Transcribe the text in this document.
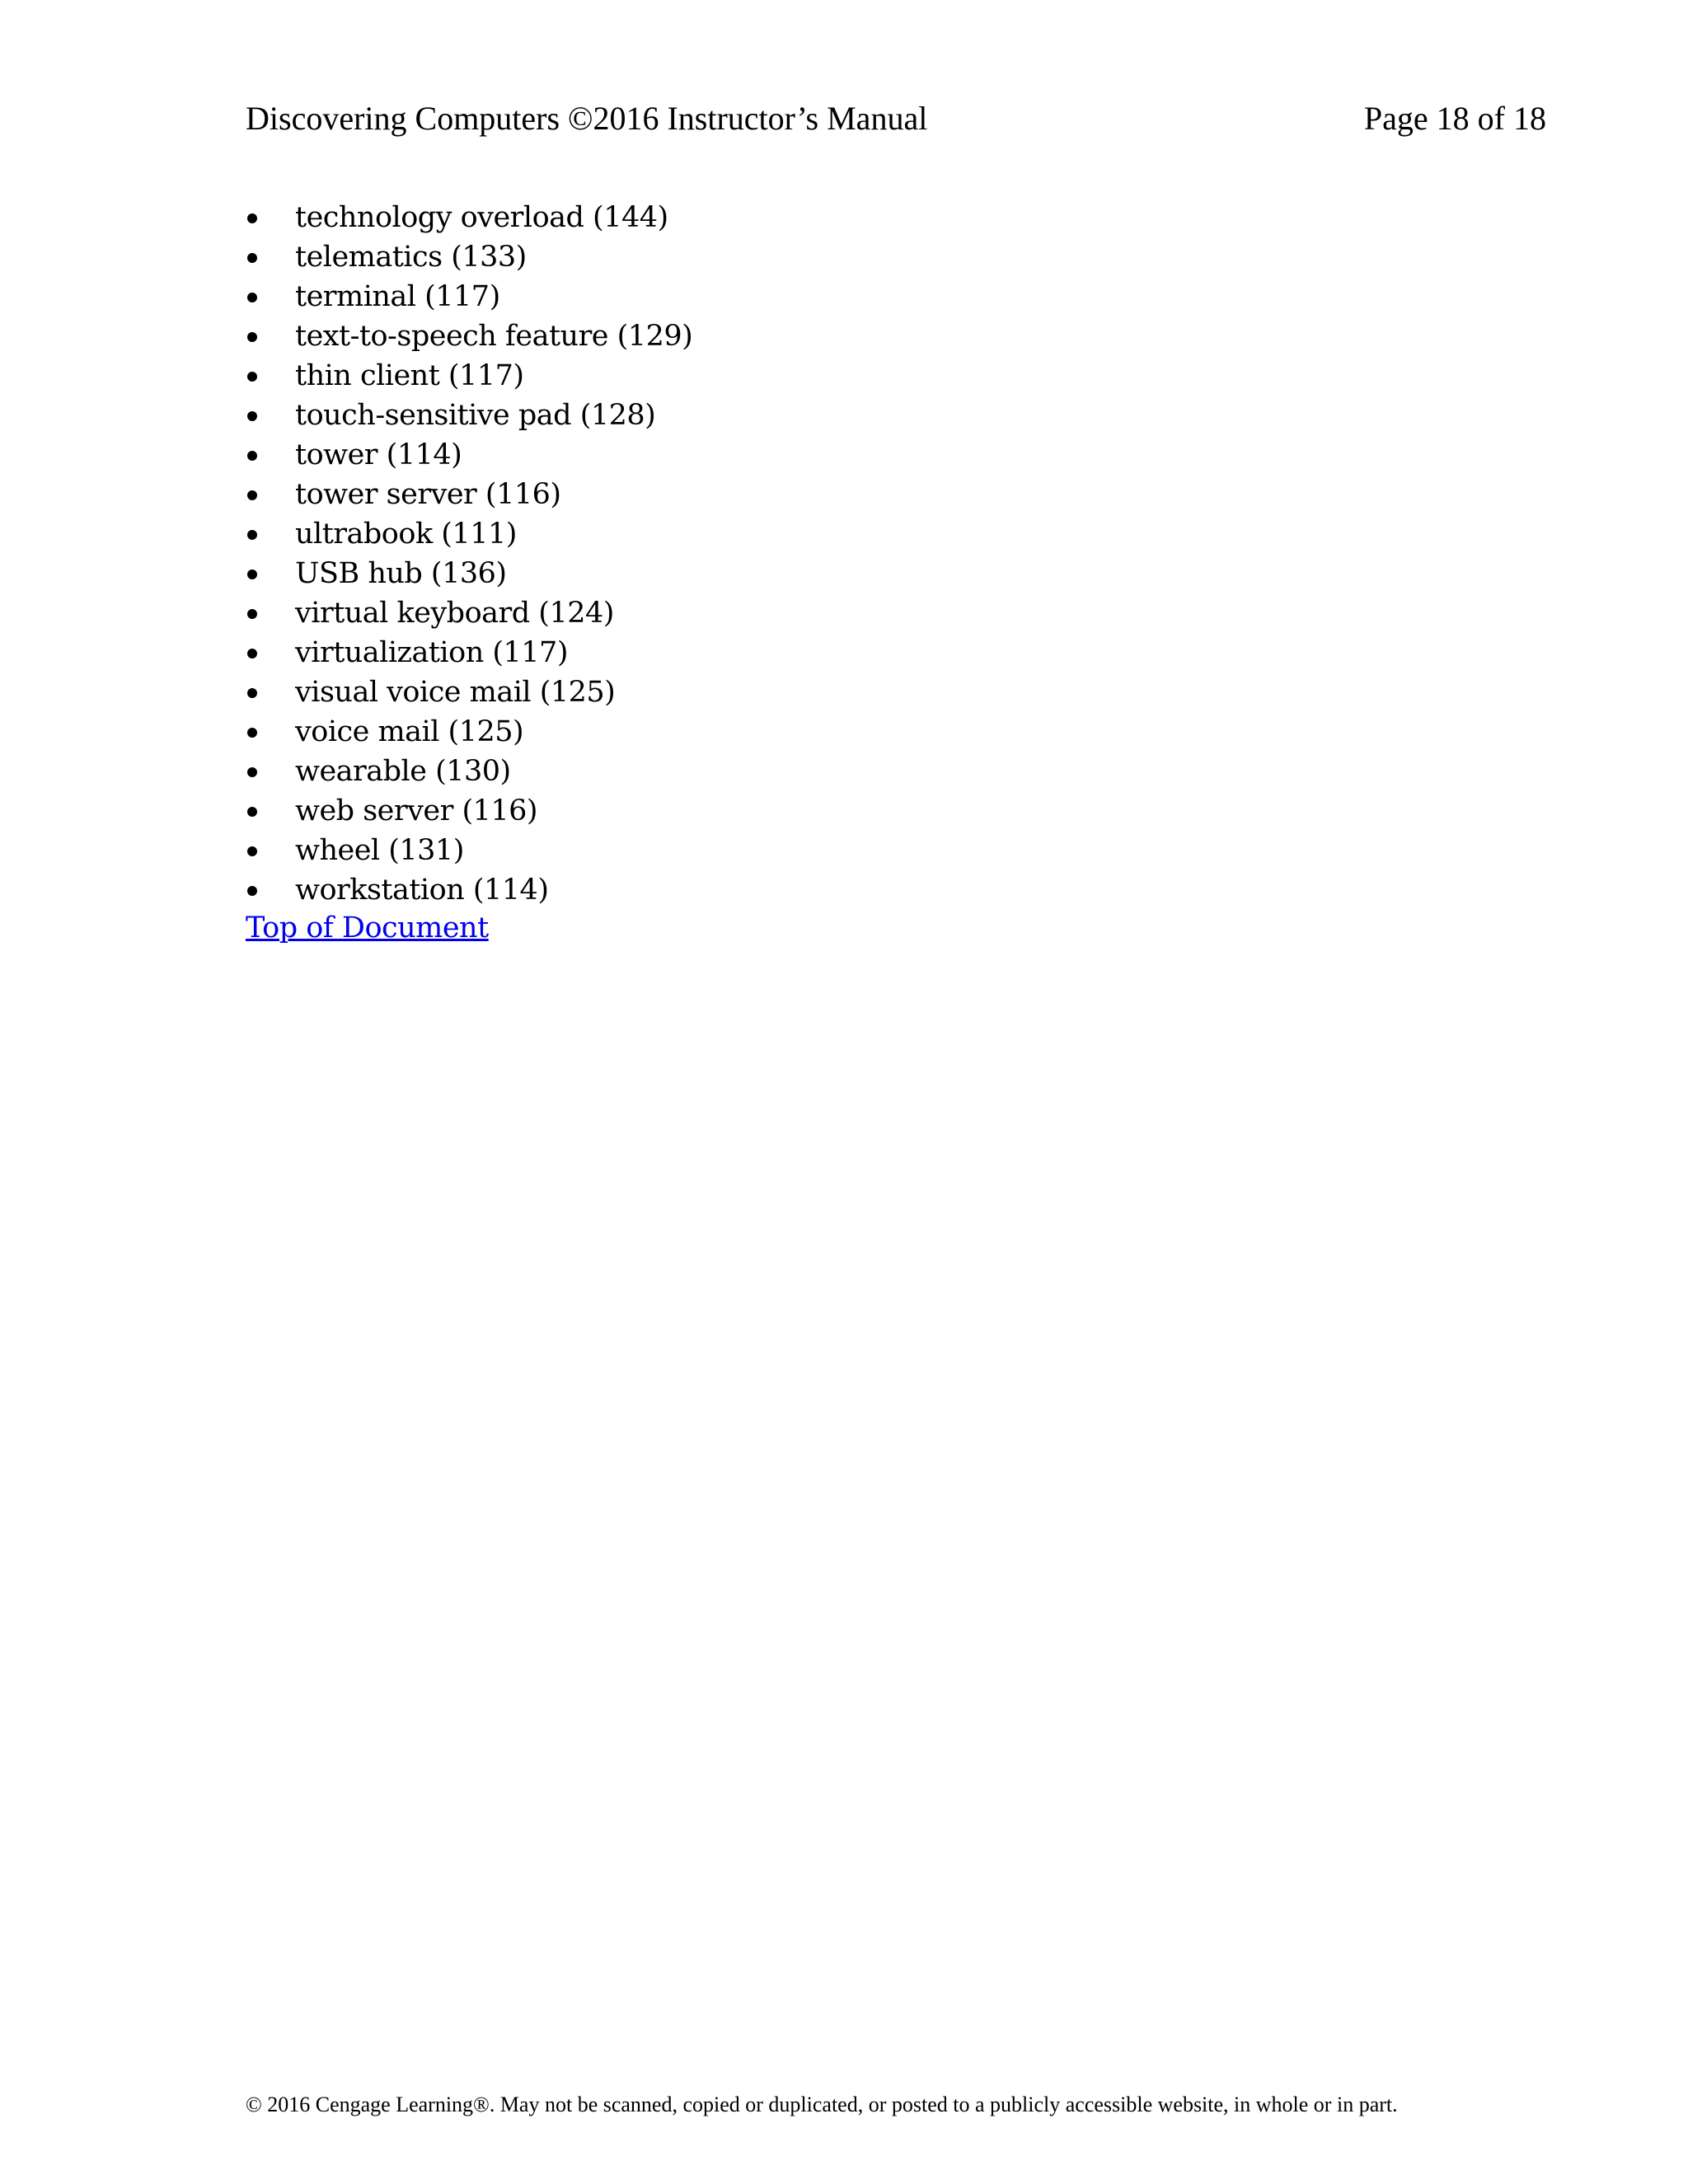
Discovering Computers ©2016 Instructor’s Manual	Page 18 of 18
technology overload (144)
telematics (133)
terminal (117)
text-to-speech feature (129)
thin client (117)
touch-sensitive pad (128)
tower (114)
tower server (116)
ultrabook (111)
USB hub (136)
virtual keyboard (124)
virtualization (117)
visual voice mail (125)
voice mail (125)
wearable (130)
web server (116)
wheel (131)
workstation (114)
Top of Document
© 2016 Cengage Learning®. May not be scanned, copied or duplicated, or posted to a publicly accessible website, in whole or in part.
